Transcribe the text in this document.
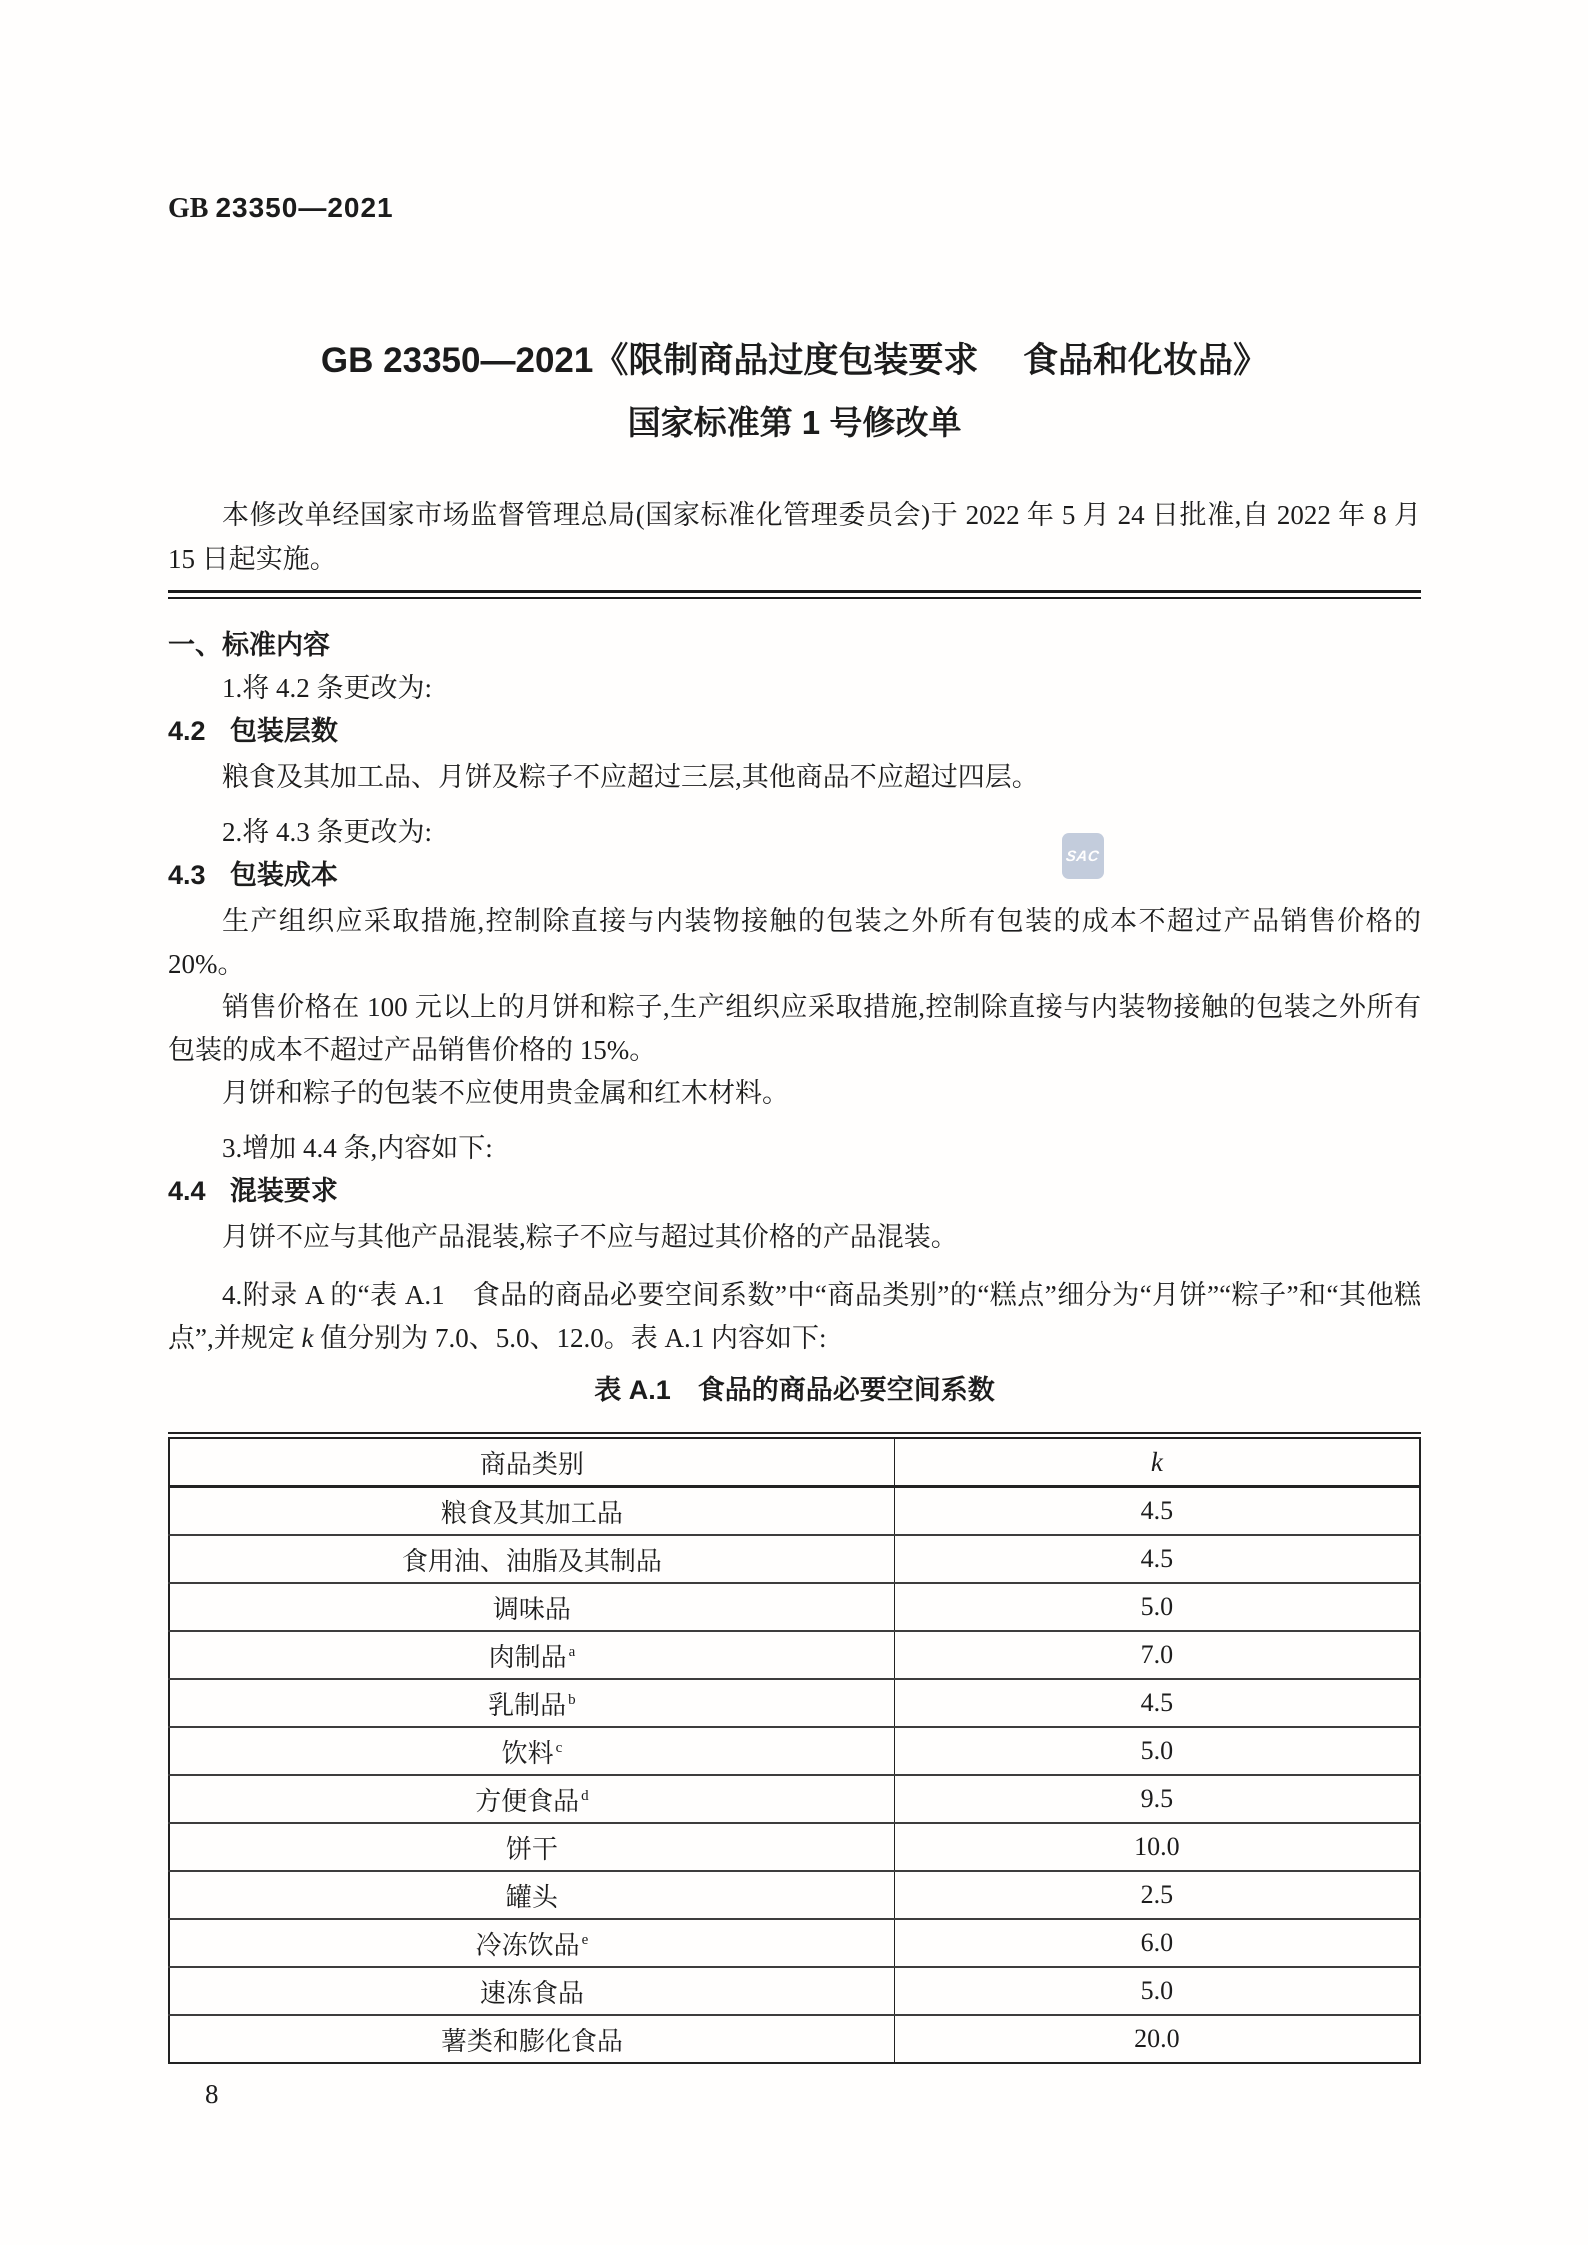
GB 23350—2021
GB 23350—2021《限制商品过度包装要求　 食品和化妆品》
国家标准第 1 号修改单

本修改单经国家市场监督管理总局(国家标准化管理委员会)于 2022 年 5 月 24 日批准,自 2022 年 8 月 15 日起实施。

一、标准内容

1.将 4.2 条更改为:

4.2 包装层数

粮食及其加工品、月饼及粽子不应超过三层,其他商品不应超过四层。

2.将 4.3 条更改为:

4.3 包装成本

生产组织应采取措施,控制除直接与内装物接触的包装之外所有包装的成本不超过产品销售价格的 20%。

销售价格在 100 元以上的月饼和粽子,生产组织应采取措施,控制除直接与内装物接触的包装之外所有包装的成本不超过产品销售价格的 15%。

月饼和粽子的包装不应使用贵金属和红木材料。

3.增加 4.4 条,内容如下:

4.4 混装要求

月饼不应与其他产品混装,粽子不应与超过其价格的产品混装。

4.附录 A 的“表 A.1　食品的商品必要空间系数”中“商品类别”的“糕点”细分为“月饼”“粽子”和“其他糕点”,并规定 k 值分别为 7.0、5.0、12.0。表 A.1 内容如下:

表 A.1　食品的商品必要空间系数
商品类别	k
粮食及其加工品	4.5
食用油、油脂及其制品	4.5
调味品	5.0
肉制品 $^a$	7.0
乳制品 $^b$	4.5
饮料 $^c$	5.0
方便食品 $^d$	9.5
饼干	10.0
罐头	2.5
冷冻饮品 $^e$	6.0
速冻食品	5.0
薯类和膨化食品	20.0
8
SAC
